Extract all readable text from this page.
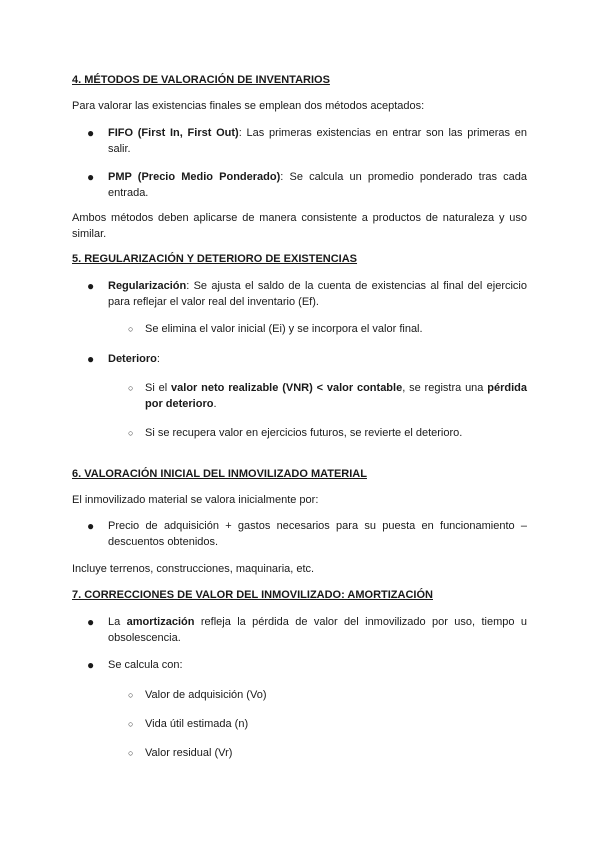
4. MÉTODOS DE VALORACIÓN DE INVENTARIOS
Para valorar las existencias finales se emplean dos métodos aceptados:
● FIFO (First In, First Out): Las primeras existencias en entrar son las primeras en
salir.
● PMP (Precio Medio Ponderado): Se calcula un promedio ponderado tras cada
entrada.
Ambos métodos deben aplicarse de manera consistente a productos de naturaleza y uso
similar.
5. REGULARIZACIÓN Y DETERIORO DE EXISTENCIAS
● Regularización: Se ajusta el saldo de la cuenta de existencias al final del ejercicio
para reflejar el valor real del inventario (Ef).
○ Se elimina el valor inicial (Ei) y se incorpora el valor final.
● Deterioro:
○ Si el valor neto realizable (VNR) < valor contable, se registra una pérdida
por deterioro.
○ Si se recupera valor en ejercicios futuros, se revierte el deterioro.
6. VALORACIÓN INICIAL DEL INMOVILIZADO MATERIAL
El inmovilizado material se valora inicialmente por:
● Precio de adquisición + gastos necesarios para su puesta en funcionamiento –
descuentos obtenidos.
Incluye terrenos, construcciones, maquinaria, etc.
7. CORRECCIONES DE VALOR DEL INMOVILIZADO: AMORTIZACIÓN
● La amortización refleja la pérdida de valor del inmovilizado por uso, tiempo u
obsolescencia.
● Se calcula con:
○ Valor de adquisición (Vo)
○ Vida útil estimada (n)
○ Valor residual (Vr)
